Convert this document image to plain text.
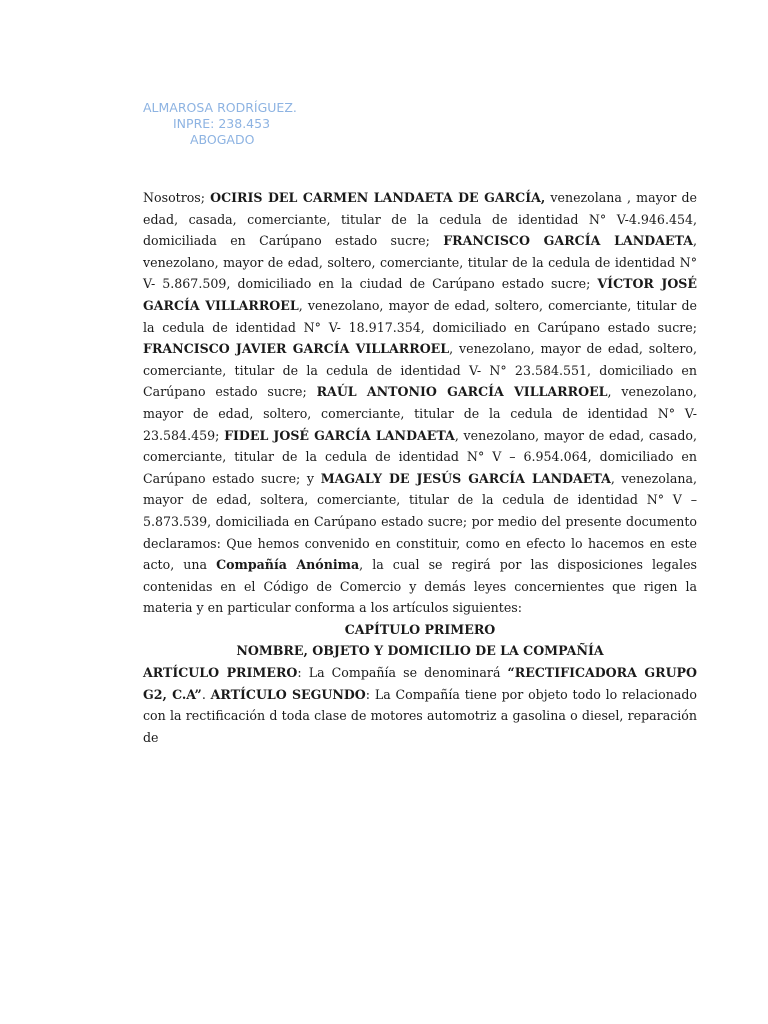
ALMAROSA RODRÍGUEZ.
INPRE: 238.453
ABOGADO

Nosotros; OCIRIS DEL CARMEN LANDAETA DE GARCÍA, venezolana , mayor de edad, casada, comerciante, titular de la cedula de identidad N° V-4.946.454, domiciliada en Carúpano estado sucre; FRANCISCO GARCÍA LANDAETA, venezolano, mayor de edad, soltero, comerciante, titular de la cedula de identidad N° V- 5.867.509, domiciliado en la ciudad de Carúpano estado sucre; VÍCTOR JOSÉ GARCÍA VILLARROEL, venezolano, mayor de edad, soltero, comerciante, titular de la cedula de identidad N° V- 18.917.354, domiciliado en Carúpano estado sucre; FRANCISCO JAVIER GARCÍA VILLARROEL, venezolano, mayor de edad, soltero, comerciante, titular de la cedula de identidad V- N° 23.584.551, domiciliado en Carúpano estado sucre; RAÚL ANTONIO GARCÍA VILLARROEL, venezolano, mayor de edad, soltero, comerciante, titular de la cedula de identidad N° V- 23.584.459; FIDEL JOSÉ GARCÍA LANDAETA, venezolano, mayor de edad, casado, comerciante, titular de la cedula de identidad N° V – 6.954.064, domiciliado en Carúpano estado sucre; y MAGALY DE JESÚS GARCÍA LANDAETA, venezolana, mayor de edad, soltera, comerciante, titular de la cedula de identidad N° V – 5.873.539, domiciliada en Carúpano estado sucre; por medio del presente documento declaramos: Que hemos convenido en constituir, como en efecto lo hacemos en este acto, una Compañía Anónima, la cual se regirá por las disposiciones legales contenidas en el Código de Comercio y demás leyes concernientes que rigen la materia y en particular conforma a los artículos siguientes:

CAPÍTULO PRIMERO

NOMBRE, OBJETO Y DOMICILIO DE LA COMPAÑÍA

ARTÍCULO PRIMERO: La Compañía se denominará “RECTIFICADORA GRUPO G2, C.A”. ARTÍCULO SEGUNDO: La Compañía tiene por objeto todo lo relacionado con la rectificación d toda clase de motores automotriz a gasolina o diesel, reparación de
